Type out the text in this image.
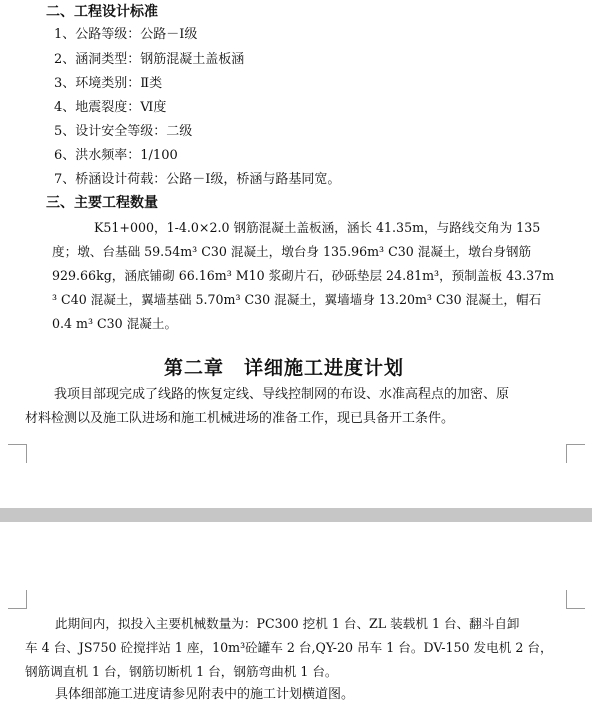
二、工程设计标准
1、公路等级：公路－Ⅰ级
2、涵洞类型：钢筋混凝土盖板涵
3、环境类别：Ⅱ类
4、地震裂度：Ⅵ度
5、设计安全等级：二级
6、洪水频率：1/100
7、桥涵设计荷载：公路－Ⅰ级，桥涵与路基同宽。
三、主要工程数量
K51+000，1-4.0×2.0 钢筋混凝土盖板涵，涵长 41.35m，与路线交角为 135
度；墩、台基础 59.54m³ C30 混凝土，墩台身 135.96m³ C30 混凝土，墩台身钢筋
929.66kg，涵底铺砌 66.16m³ M10 浆砌片石，砂砾垫层 24.81m³，预制盖板 43.37m
³ C40 混凝土，翼墙基础 5.70m³ C30 混凝土，翼墙墙身 13.20m³ C30 混凝土，帽石
0.4 m³ C30 混凝土。
第二章　详细施工进度计划
我项目部现完成了线路的恢复定线、导线控制网的布设、水准高程点的加密、原
材料检测以及施工队进场和施工机械进场的准备工作，现已具备开工条件。
此期间内，拟投入主要机械数量为：PC300 挖机 1 台、ZL 装载机 1 台、翻斗自卸
车 4 台、JS750 砼搅拌站 1 座，10m³砼罐车 2 台,QY-20 吊车 1 台。DV-150 发电机 2 台，
钢筋调直机 1 台，钢筋切断机 1 台，钢筋弯曲机 1 台。
具体细部施工进度请参见附表中的施工计划横道图。
